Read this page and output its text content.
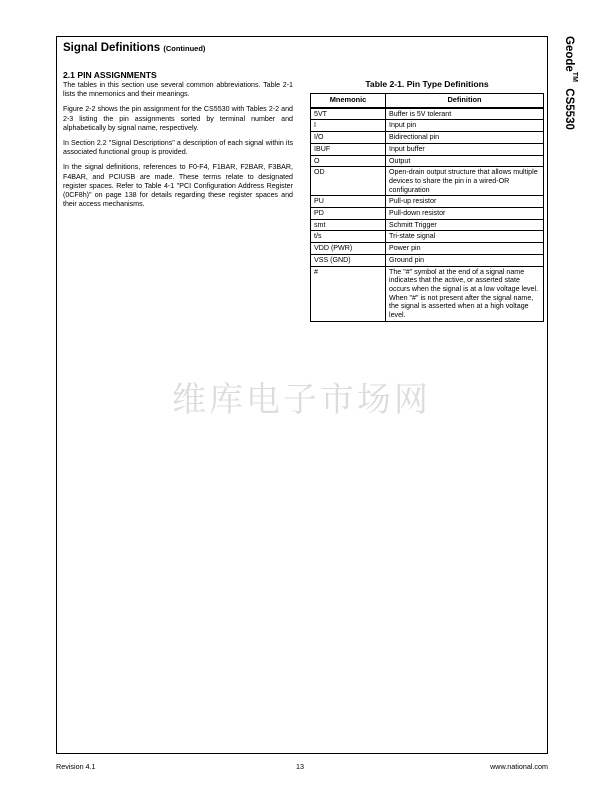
Geode™  CS5530
Signal Definitions (Continued)
2.1 PIN ASSIGNMENTS

The tables in this section use several common abbreviations. Table 2-1 lists the mnemonics and their meanings.

Figure 2-2 shows the pin assignment for the CS5530 with Tables 2-2 and 2-3 listing the pin assignments sorted by terminal number and alphabetically by signal name, respectively.

In Section 2.2 "Signal Descriptions" a description of each signal within its associated functional group is provided.

In the signal definitions, references to F0-F4, F1BAR, F2BAR, F3BAR, F4BAR, and PCIUSB are made. These terms relate to designated register spaces. Refer to Table 4-1 "PCI Configuration Address Register (0CF8h)" on page 138 for details regarding these register spaces and their access mechanisms.

Table 2-1. Pin Type Definitions
Mnemonic	Definition
5VT	Buffer is 5V tolerant
I	Input pin
I/O	Bidirectional pin
IBUF	Input buffer
O	Output
OD	Open-drain output structure that allows multiple devices to share the pin in a wired-OR configuration
PU	Pull-up resistor
PD	Pull-down resistor
smt	Schmitt Trigger
t/s	Tri-state signal
VDD (PWR)	Power pin
VSS (GND)	Ground pin
#	The "#" symbol at the end of a signal name indicates that the active, or asserted state occurs when the signal is at a low voltage level. When "#" is not present after the signal name, the signal is asserted when at a high voltage level.
维库电子市场网
Revision 4.1	13	www.national.com
